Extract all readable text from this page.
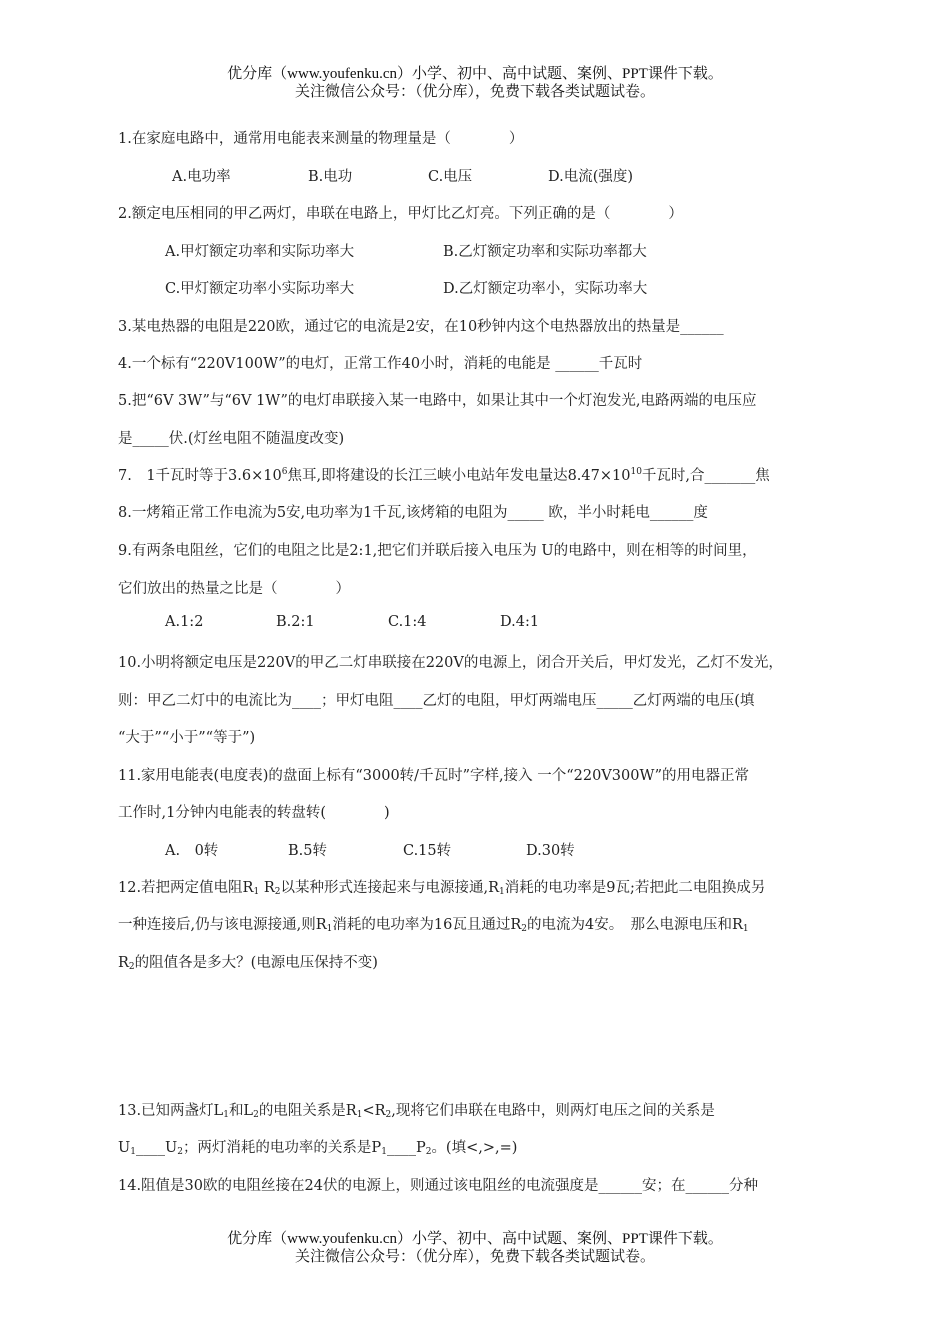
优分库（www.youfenku.cn）小学、初中、高中试题、案例、PPT课件下载。
关注微信公众号：（优分库），免费下载各类试题试卷。
1.在家庭电路中，通常用电能表来测量的物理量是（　　　　）
A.电功率	B.电功	C.电压	D.电流(强度)
2.额定电压相同的甲乙两灯，串联在电路上，甲灯比乙灯亮。下列正确的是（　　　　）
A.甲灯额定功率和实际功率大	B.乙灯额定功率和实际功率都大
C.甲灯额定功率小实际功率大	D.乙灯额定功率小，实际功率大
3.某电热器的电阻是220欧，通过它的电流是2安，在10秒钟内这个电热器放出的热量是______
4.一个标有“220V100W”的电灯，正常工作40小时，消耗的电能是 ______千瓦时
5.把“6V 3W”与“6V 1W”的电灯串联接入某一电路中，如果让其中一个灯泡发光,电路两端的电压应
是_____伏.(灯丝电阻不随温度改变)
7.　1千瓦时等于$3.6\times 10^6$焦耳,即将建设的长江三峡小电站年发电量达$8.47\times 10^{10}$千瓦时,合_______焦
8.一烤箱正常工作电流为5安,电功率为1千瓦,该烤箱的电阻为_____ 欧，半小时耗电______度
9.有两条电阻丝，它们的电阻之比是2:1,把它们并联后接入电压为 U的电路中，则在相等的时间里，
它们放出的热量之比是（　　　　）
A.1:2	B.2:1	C.1:4	D.4:1
10.小明将额定电压是220V的甲乙二灯串联接在220V的电源上，闭合开关后，甲灯发光，乙灯不发光，
则：甲乙二灯中的电流比为____；甲灯电阻____乙灯的电阻，甲灯两端电压_____乙灯两端的电压(填
“大于”“小于”“等于”)
11.家用电能表(电度表)的盘面上标有“3000转/千瓦时”字样,接入 一个“220V300W”的用电器正常
工作时,1分钟内电能表的转盘转(　　　　)
A.　0转	B.5转	C.15转	D.30转
12.若把两定值电阻$R_1$ $R_2$以某种形式连接起来与电源接通$,R_1$消耗的电功率是9瓦;若把此二电阻换成另
一种连接后,仍与该电源接通,则$R_1$消耗的电功率为16瓦且通过$R_2$的电流为4安。　那么电源电压和$R_1$
$R_2$的阻值各是多大？(电源电压保持不变)
13.已知两盏灯$L_1$和$L_2$的电阻关系是$R_1<R_2$,现将它们串联在电路中，则两灯电压之间的关系是
$U_1\_\_\_\_U_2$；两灯消耗的电功率的关系是$P_1\_\_\_\_P_2$。(填<,>,=)
14.阻值是30欧的电阻丝接在24伏的电源上，则通过该电阻丝的电流强度是______安；在______分种
优分库（www.youfenku.cn）小学、初中、高中试题、案例、PPT课件下载。
关注微信公众号：（优分库），免费下载各类试题试卷。
